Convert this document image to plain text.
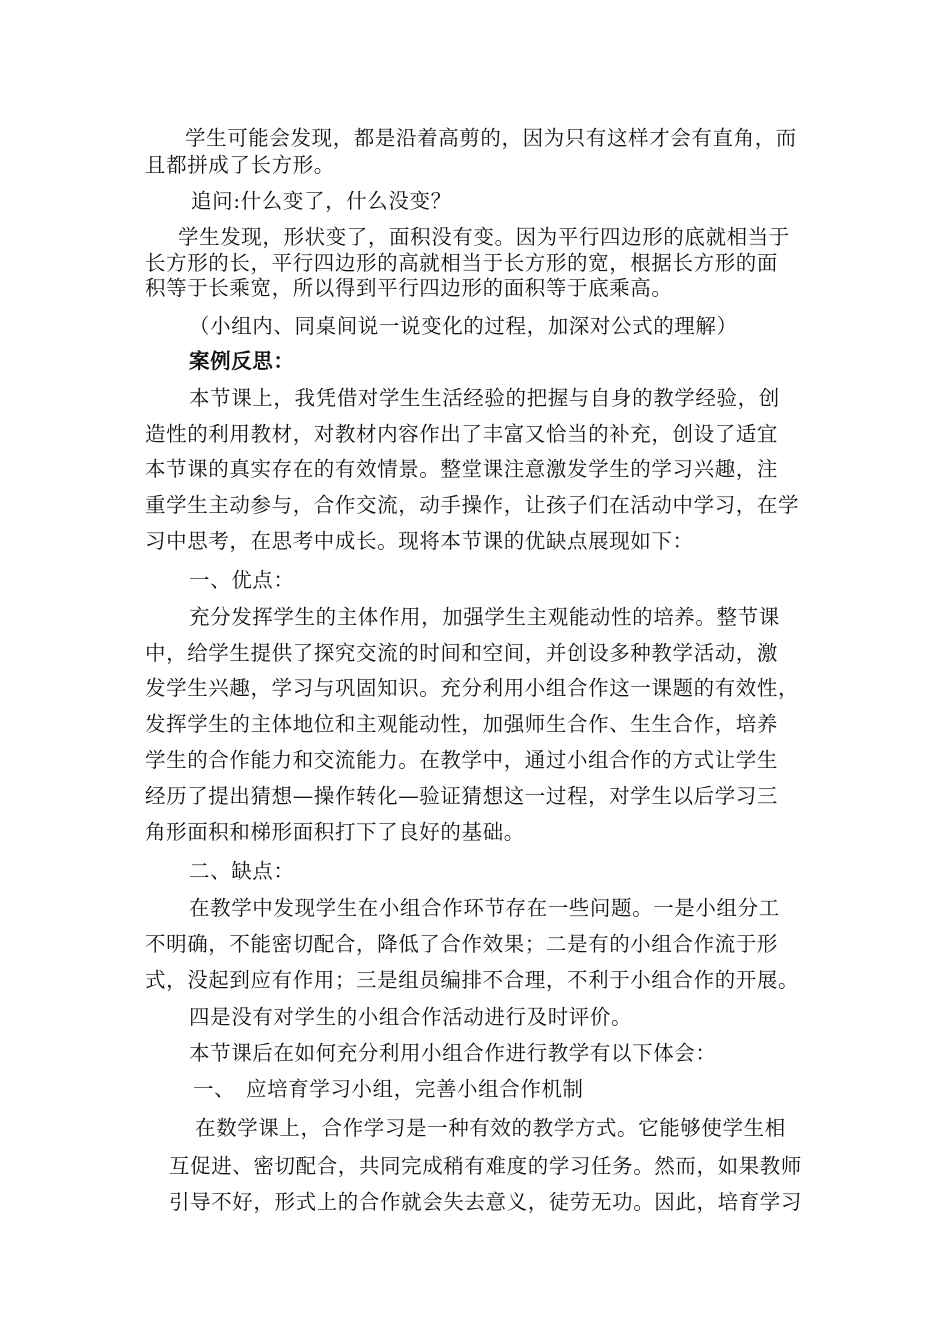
学生可能会发现，都是沿着高剪的，因为只有这样才会有直角，而
且都拼成了长方形。
追问:什么变了，什么没变？
学生发现，形状变了，面积没有变。因为平行四边形的底就相当于
长方形的长，平行四边形的高就相当于长方形的宽，根据长方形的面
积等于长乘宽，所以得到平行四边形的面积等于底乘高。
（小组内、同桌间说一说变化的过程，加深对公式的理解）
案例反思：
本节课上，我凭借对学生生活经验的把握与自身的教学经验，创
造性的利用教材，对教材内容作出了丰富又恰当的补充，创设了适宜
本节课的真实存在的有效情景。整堂课注意激发学生的学习兴趣，注
重学生主动参与，合作交流，动手操作，让孩子们在活动中学习，在学
习中思考，在思考中成长。现将本节课的优缺点展现如下：
一、优点：
充分发挥学生的主体作用，加强学生主观能动性的培养。整节课
中，给学生提供了探究交流的时间和空间，并创设多种教学活动，激
发学生兴趣，学习与巩固知识。充分利用小组合作这一课题的有效性，
发挥学生的主体地位和主观能动性，加强师生合作、生生合作，培养
学生的合作能力和交流能力。在教学中，通过小组合作的方式让学生
经历了提出猜想—操作转化—验证猜想这一过程，对学生以后学习三
角形面积和梯形面积打下了良好的基础。
二、缺点：
在教学中发现学生在小组合作环节存在一些问题。一是小组分工
不明确，不能密切配合，降低了合作效果；二是有的小组合作流于形
式，没起到应有作用；三是组员编排不合理，不利于小组合作的开展。
四是没有对学生的小组合作活动进行及时评价。
本节课后在如何充分利用小组合作进行教学有以下体会：
一、　应培育学习小组，完善小组合作机制
在数学课上，合作学习是一种有效的教学方式。它能够使学生相
互促进、密切配合，共同完成稍有难度的学习任务。然而，如果教师
引导不好，形式上的合作就会失去意义，徒劳无功。因此，培育学习
